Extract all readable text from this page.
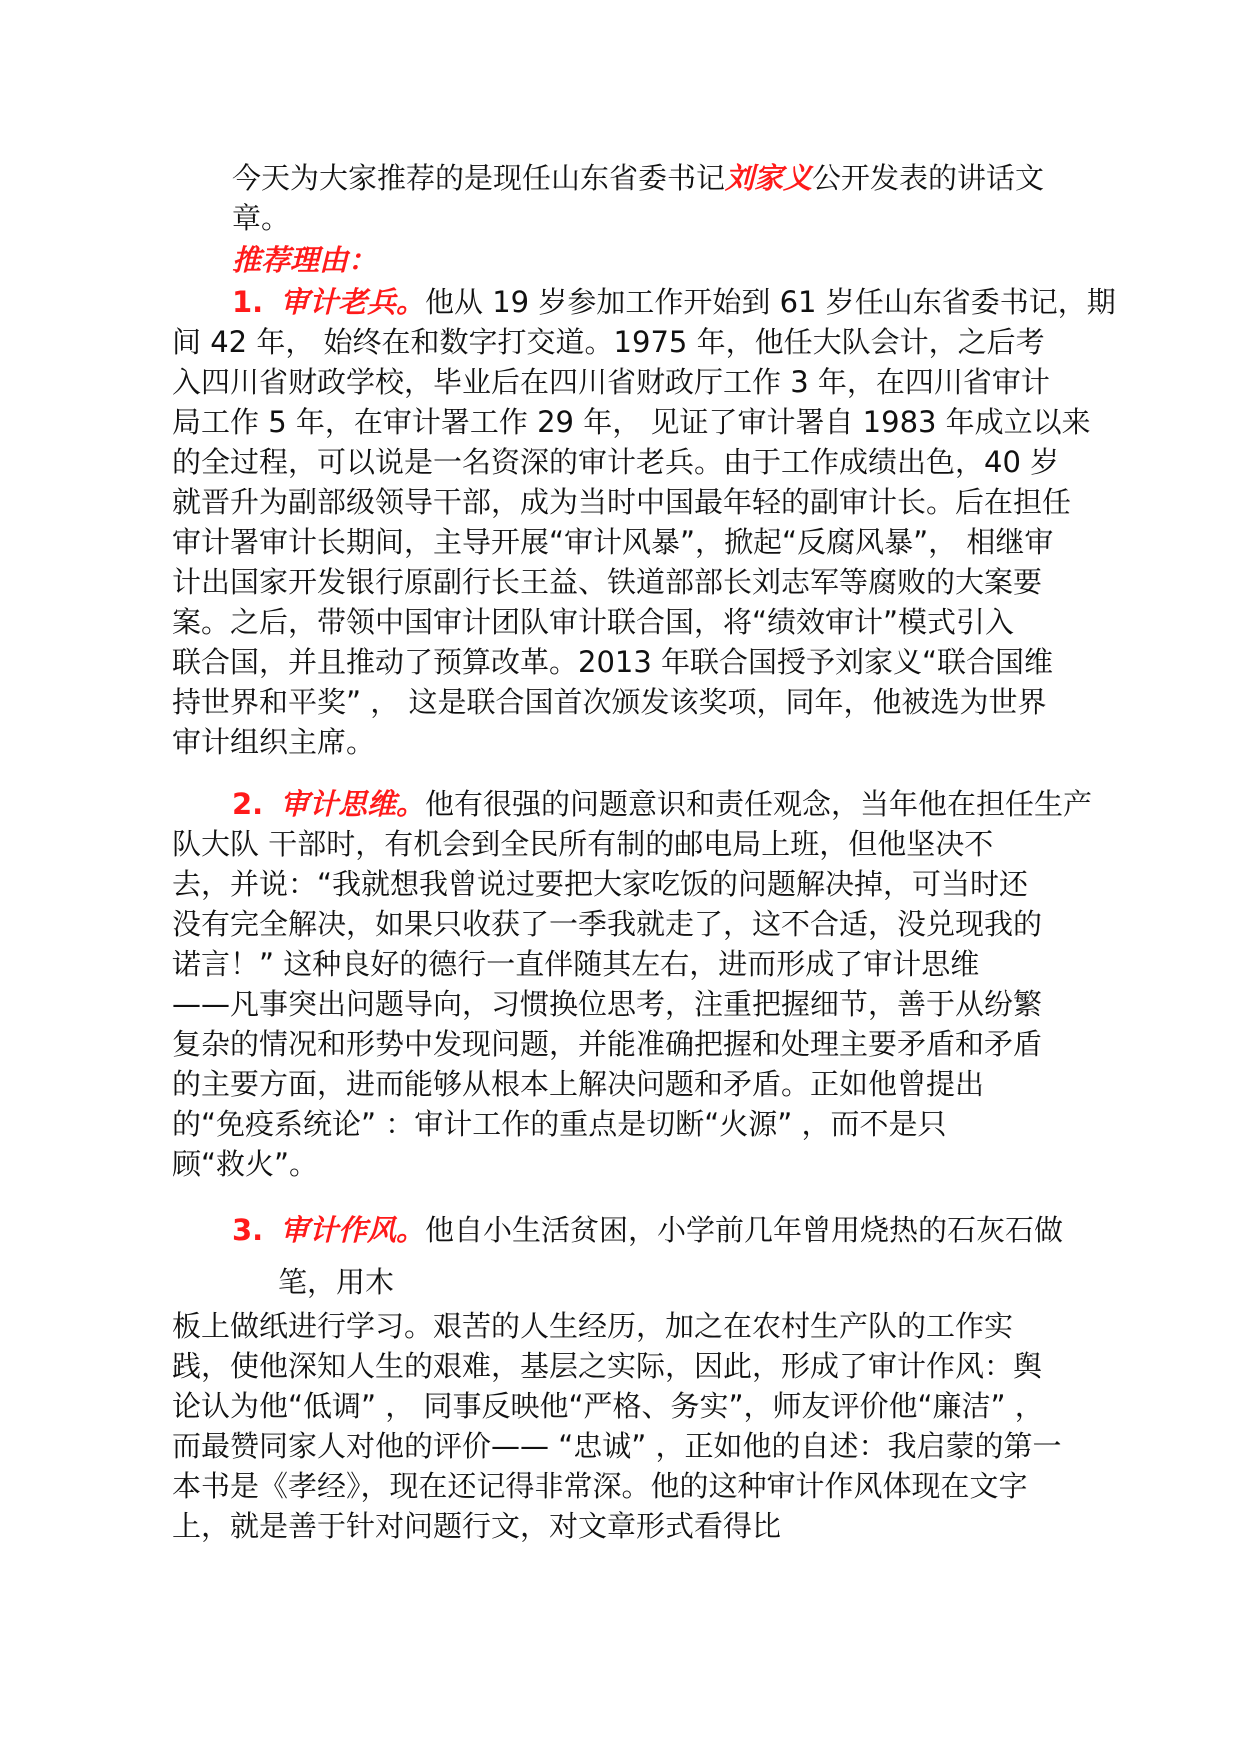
今天为大家推荐的是现任山东省委书记刘家义公开发表的讲话文
章。
推荐理由：
1. 审计老兵。他从 19 岁参加工作开始到 61 岁任山东省委书记，期
间 42 年， 始终在和数字打交道。1975 年，他任大队会计，之后考
入四川省财政学校，毕业后在四川省财政厅工作 3 年，在四川省审计
局工作 5 年，在审计署工作 29 年， 见证了审计署自 1983 年成立以来
的全过程，可以说是一名资深的审计老兵。由于工作成绩出色，40 岁
就晋升为副部级领导干部，成为当时中国最年轻的副审计长。后在担任
审计署审计长期间，主导开展“审计风暴”，掀起“反腐风暴”， 相继审
计出国家开发银行原副行长王益、铁道部部长刘志军等腐败的大案要
案。之后，带领中国审计团队审计联合国，将“绩效审计”模式引入
联合国，并且推动了预算改革。2013 年联合国授予刘家义“联合国维
持世界和平奖” ， 这是联合国首次颁发该奖项，同年，他被选为世界
审计组织主席。
2. 审计思维。他有很强的问题意识和责任观念，当年他在担任生产
队大队 干部时，有机会到全民所有制的邮电局上班，但他坚决不
去，并说：“我就想我曾说过要把大家吃饭的问题解决掉，可当时还
没有完全解决，如果只收获了一季我就走了，这不合适，没兑现我的
诺言！” 这种良好的德行一直伴随其左右，进而形成了审计思维
——凡事突出问题导向，习惯换位思考，注重把握细节，善于从纷繁
复杂的情况和形势中发现问题，并能准确把握和处理主要矛盾和矛盾
的主要方面，进而能够从根本上解决问题和矛盾。正如他曾提出
的“免疫系统论” ：审计工作的重点是切断“火源” ，而不是只
顾“救火”。
3. 审计作风。他自小生活贫困，小学前几年曾用烧热的石灰石做
笔，用木
板上做纸进行学习。艰苦的人生经历，加之在农村生产队的工作实
践，使他深知人生的艰难，基层之实际，因此，形成了审计作风：舆
论认为他“低调” ， 同事反映他“严格、务实”，师友评价他“廉洁” ，
而最赞同家人对他的评价—— “忠诚” ，正如他的自述：我启蒙的第一
本书是《孝经》，现在还记得非常深。他的这种审计作风体现在文字
上，就是善于针对问题行文，对文章形式看得比
